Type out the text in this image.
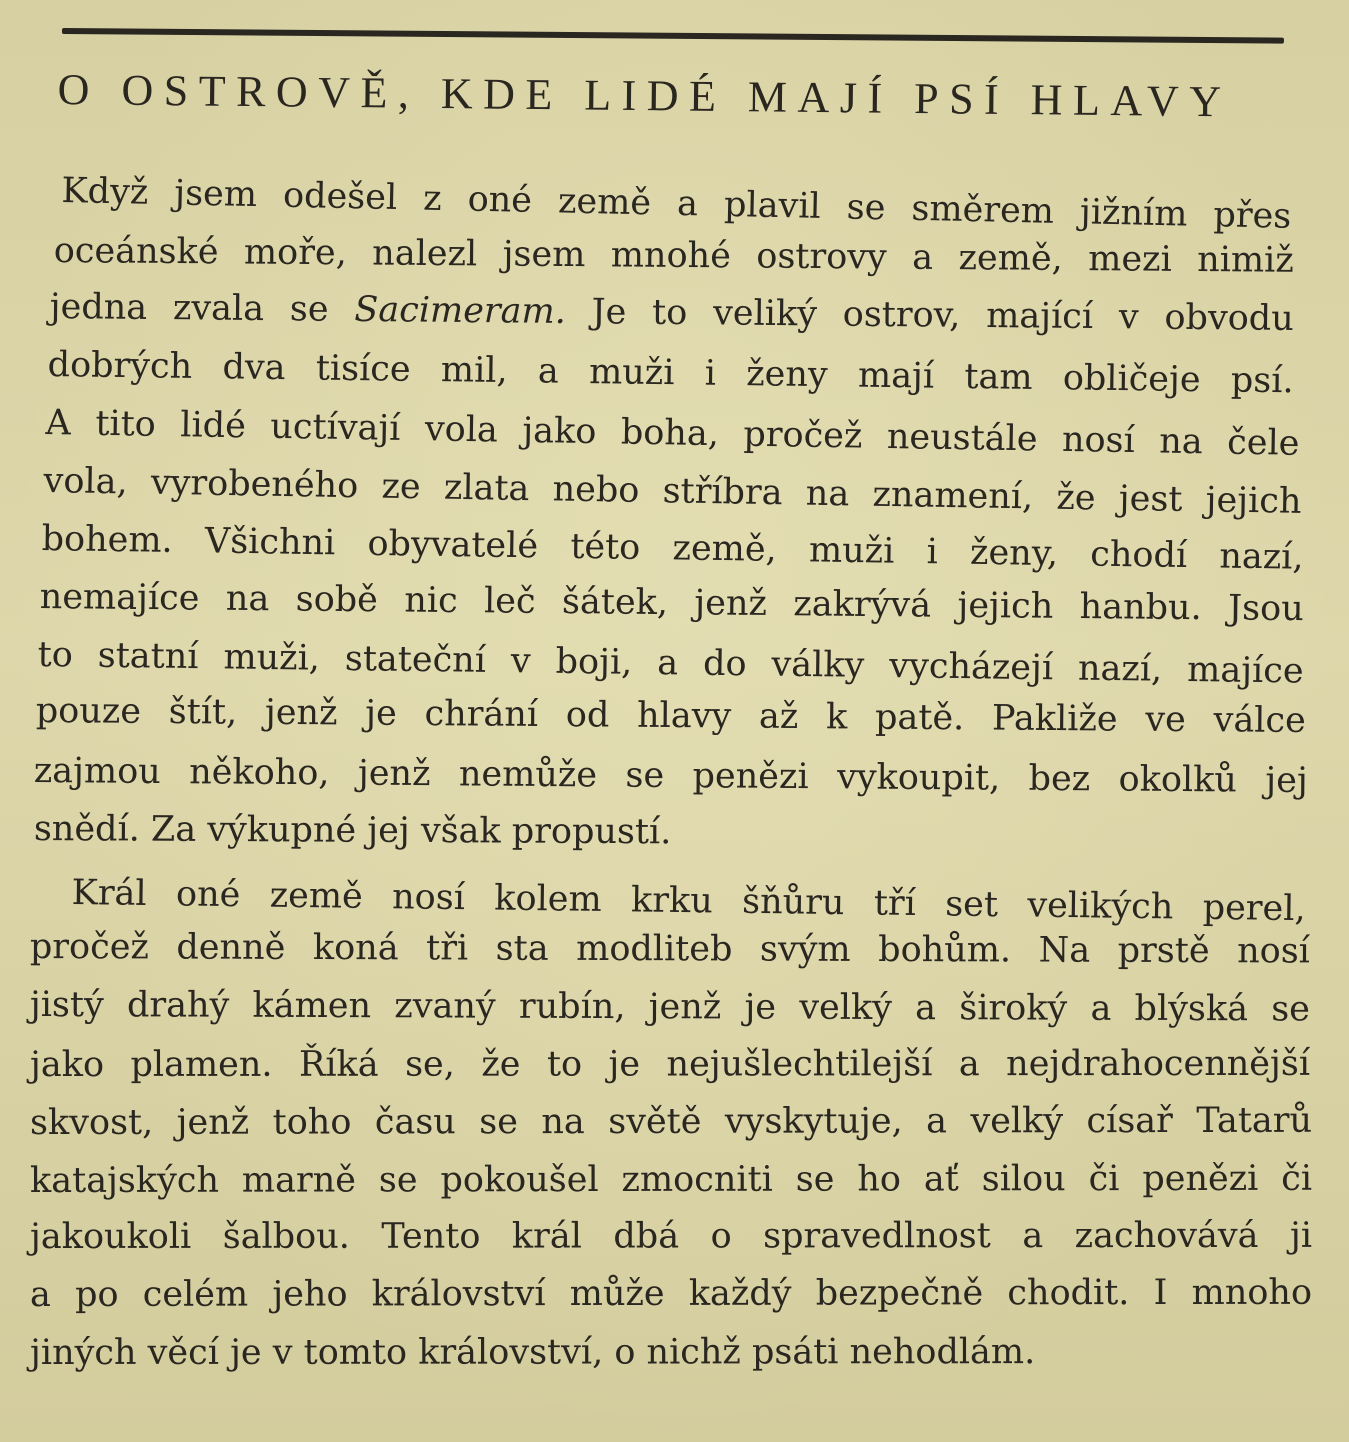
O OSTROVĚ, KDE LIDÉ MAJÍ PSÍ HLAVY

Když jsem odešel z oné země a plavil se směrem jižním přes

oceánské moře, nalezl jsem mnohé ostrovy a země, mezi nimiž

jedna zvala se Sacimeram. Je to veliký ostrov, mající v obvodu

dobrých dva tisíce mil, a muži i ženy mají tam obličeje psí.

A tito lidé uctívají vola jako boha, pročež neustále nosí na čele

vola, vyrobeného ze zlata nebo stříbra na znamení, že jest jejich

bohem. Všichni obyvatelé této země, muži i ženy, chodí nazí,

nemajíce na sobě nic leč šátek, jenž zakrývá jejich hanbu. Jsou

to statní muži, stateční v boji, a do války vycházejí nazí, majíce

pouze štít, jenž je chrání od hlavy až k patě. Pakliže ve válce

zajmou někoho, jenž nemůže se penězi vykoupit, bez okolků jej

snědí. Za výkupné jej však propustí.

Král oné země nosí kolem krku šňůru tří set velikých perel,

pročež denně koná tři sta modliteb svým bohům. Na prstě nosí

jistý drahý kámen zvaný rubín, jenž je velký a široký a blýská se

jako plamen. Říká se, že to je nejušlechtilejší a nejdrahocennější

skvost, jenž toho času se na světě vyskytuje, a velký císař Tatarů

katajských marně se pokoušel zmocniti se ho ať silou či penězi či

jakoukoli šalbou. Tento král dbá o spravedlnost a zachovává ji

a po celém jeho království může každý bezpečně chodit. I mnoho

jiných věcí je v tomto království, o nichž psáti nehodlám.
